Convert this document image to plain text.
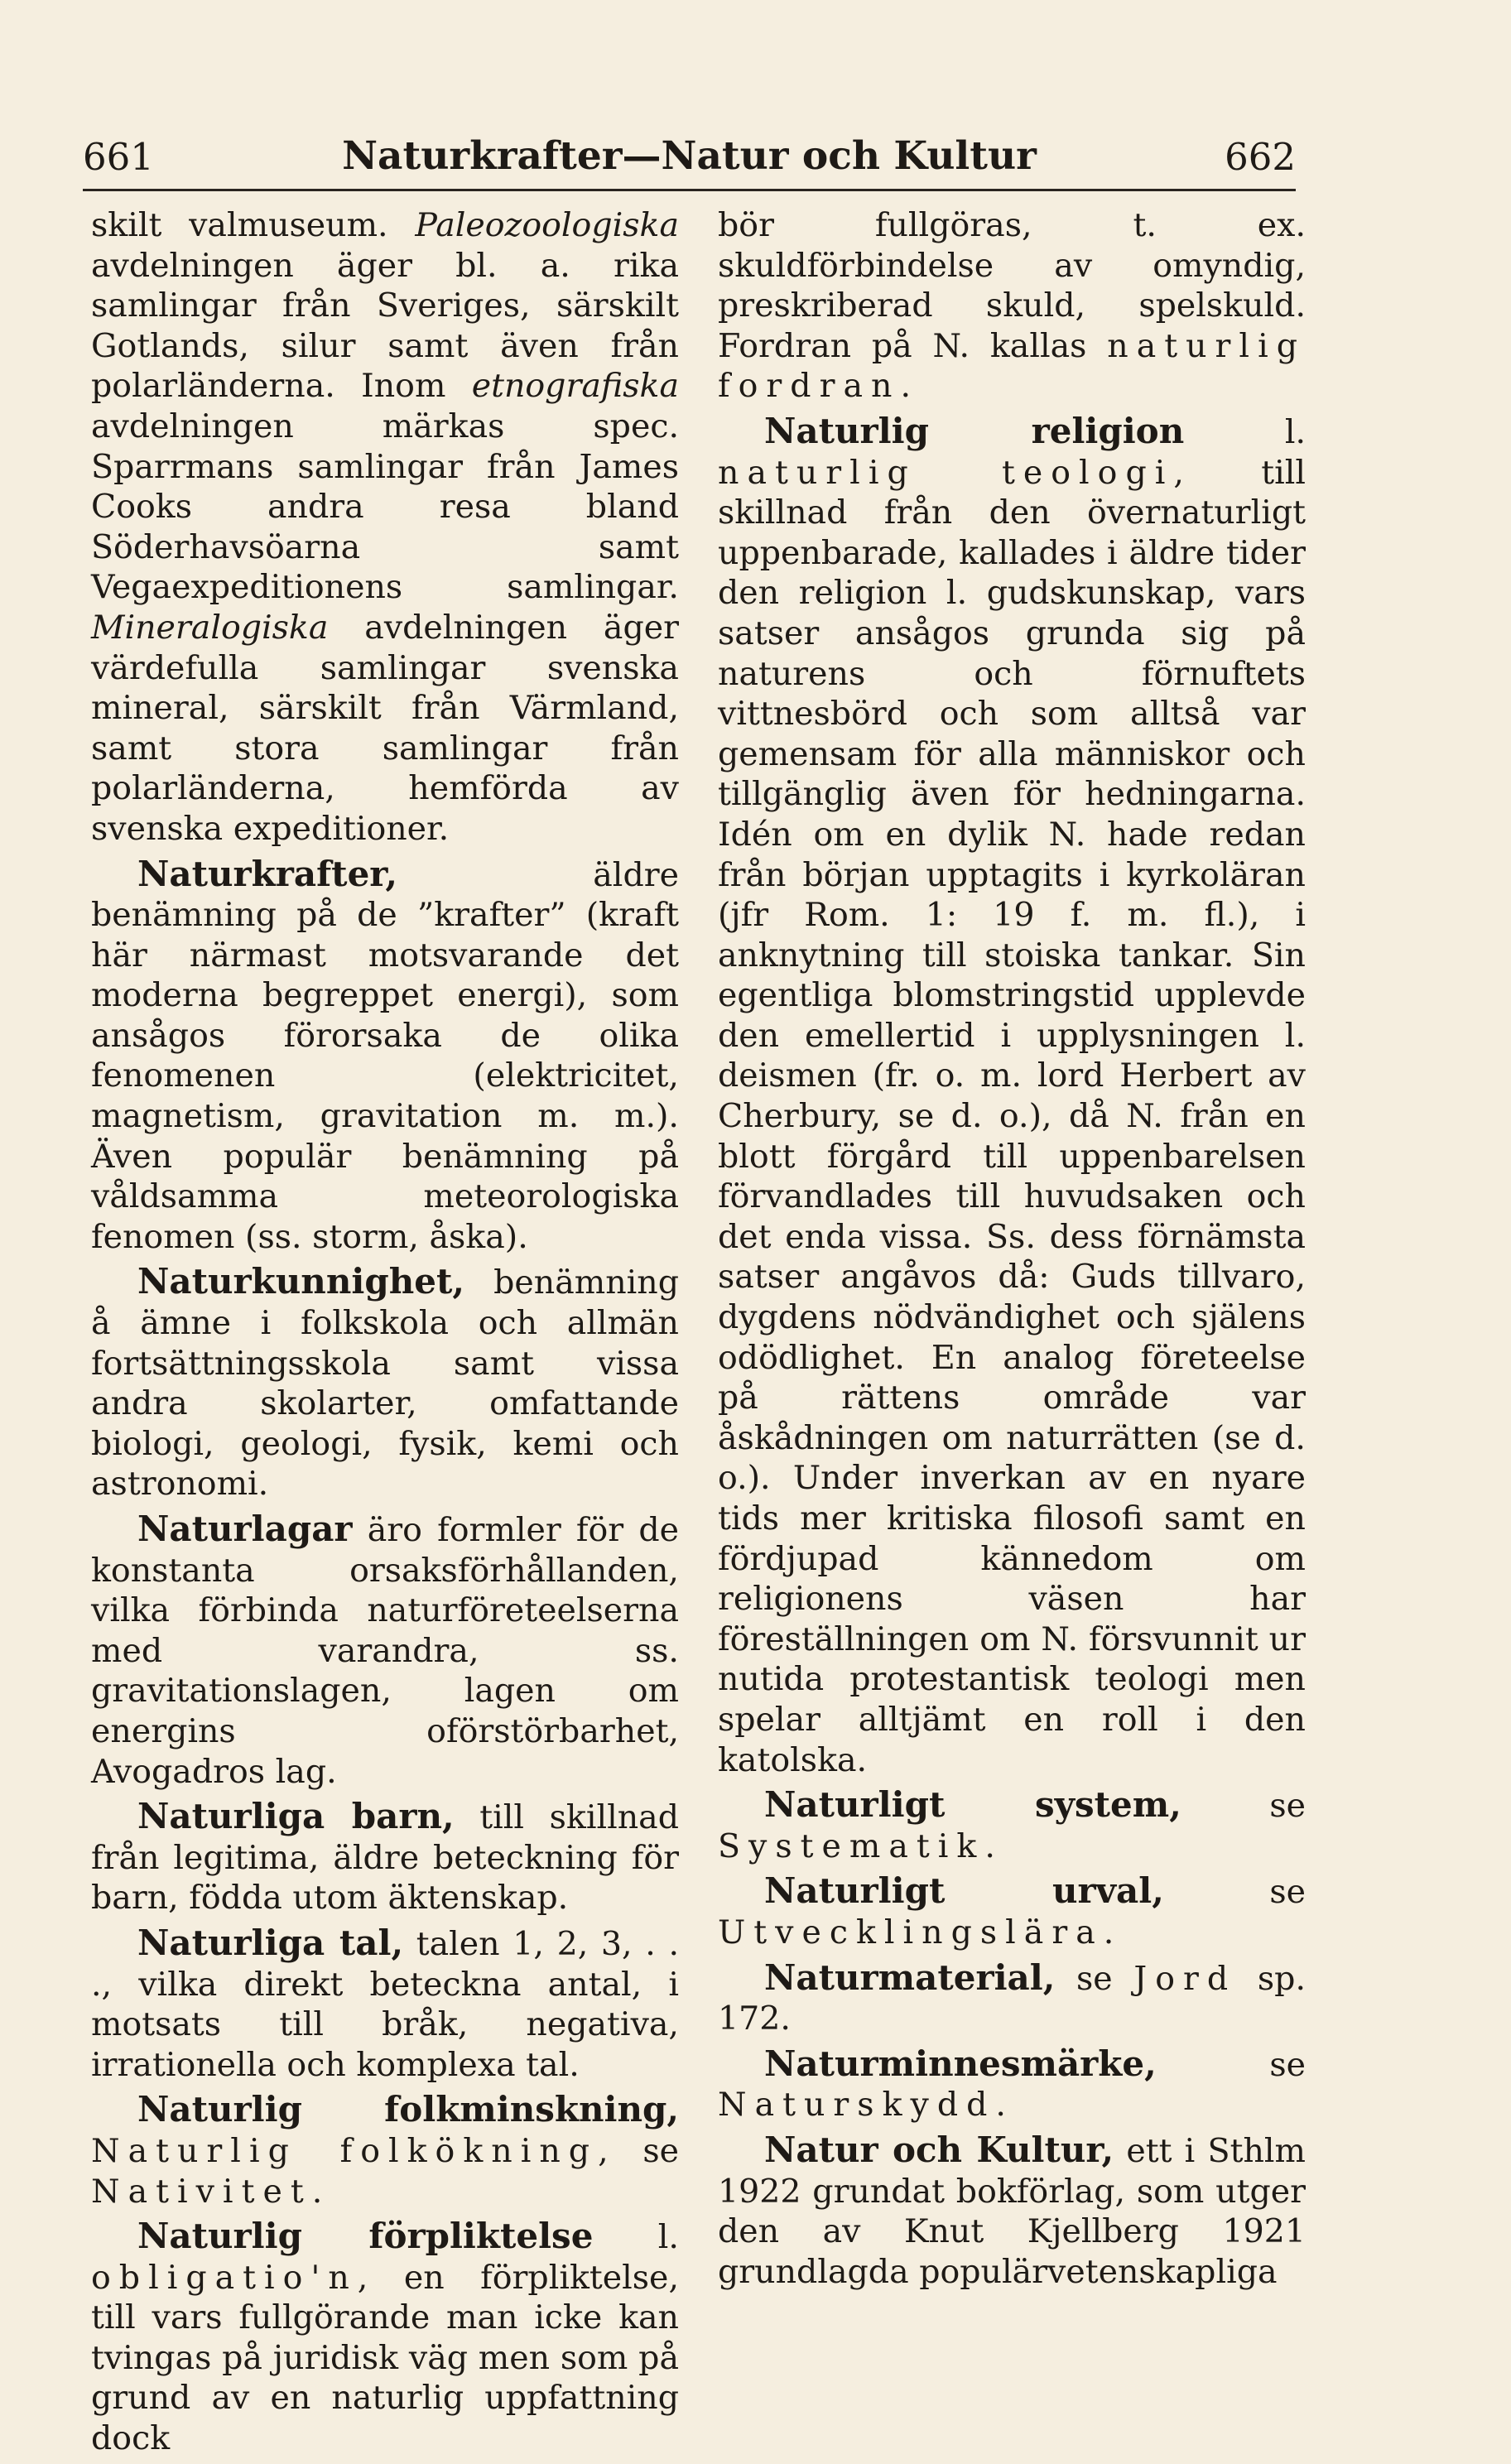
661	Naturkrafter—Natur och Kultur	662

skilt valmuseum. Paleozoologiska avdelningen äger bl. a. rika samlingar från Sveriges, särskilt Gotlands, silur samt även från polarländerna. Inom etnografiska avdelningen märkas spec. Sparrmans samlingar från James Cooks andra resa bland Söderhavsöarna samt Vegaexpeditionens samlingar. Mineralogiska avdelningen äger värdefulla samlingar svenska mineral, särskilt från Värmland, samt stora samlingar från polarländerna, hemförda av svenska expeditioner.

Naturkrafter, äldre benämning på de ”krafter” (kraft här närmast motsvarande det moderna begreppet energi), som ansågos förorsaka de olika fenomenen (elektricitet, magnetism, gravitation m. m.). Även populär benämning på våldsamma meteorologiska fenomen (ss. storm, åska).

Naturkunnighet, benämning å ämne i folkskola och allmän fortsättningsskola samt vissa andra skolarter, omfattande biologi, geologi, fysik, kemi och astronomi.

Naturlagar äro formler för de konstanta orsaksförhållanden, vilka förbinda naturföreteelserna med varandra, ss. gravitationslagen, lagen om energins oförstörbarhet, Avogadros lag.

Naturliga barn, till skillnad från legitima, äldre beteckning för barn, födda utom äktenskap.

Naturliga tal, talen 1, 2, 3, . . ., vilka direkt beteckna antal, i motsats till bråk, negativa, irrationella och komplexa tal.

Naturlig folkminskning, Naturlig folkökning, se Nativitet.

Naturlig förpliktelse l. obligatio'n, en förpliktelse, till vars fullgörande man icke kan tvingas på juridisk väg men som på grund av en naturlig uppfattning dock

bör fullgöras, t. ex. skuldförbindelse av omyndig, preskriberad skuld, spelskuld. Fordran på N. kallas naturlig fordran.

Naturlig religion l. naturlig teologi, till skillnad från den övernaturligt uppenbarade, kallades i äldre tider den religion l. gudskunskap, vars satser ansågos grunda sig på naturens och förnuftets vittnesbörd och som alltså var gemensam för alla människor och tillgänglig även för hedningarna. Idén om en dylik N. hade redan från början upptagits i kyrkoläran (jfr Rom. 1: 19 f. m. fl.), i anknytning till stoiska tankar. Sin egentliga blomstringstid upplevde den emellertid i upplysningen l. deismen (fr. o. m. lord Herbert av Cherbury, se d. o.), då N. från en blott förgård till uppenbarelsen förvandlades till huvudsaken och det enda vissa. Ss. dess förnämsta satser angåvos då: Guds tillvaro, dygdens nödvändighet och själens odödlighet. En analog företeelse på rättens område var åskådningen om naturrätten (se d. o.). Under inverkan av en nyare tids mer kritiska filosofi samt en fördjupad kännedom om religionens väsen har föreställningen om N. försvunnit ur nutida protestantisk teologi men spelar alltjämt en roll i den katolska.

Naturligt system, se Systematik.

Naturligt urval, se Utvecklingslära.

Naturmaterial, se Jord sp. 172.

Naturminnesmärke, se Naturskydd.

Natur och Kultur, ett i Sthlm 1922 grundat bokförlag, som utger den av Knut Kjellberg 1921 grundlagda populärvetenskapliga
